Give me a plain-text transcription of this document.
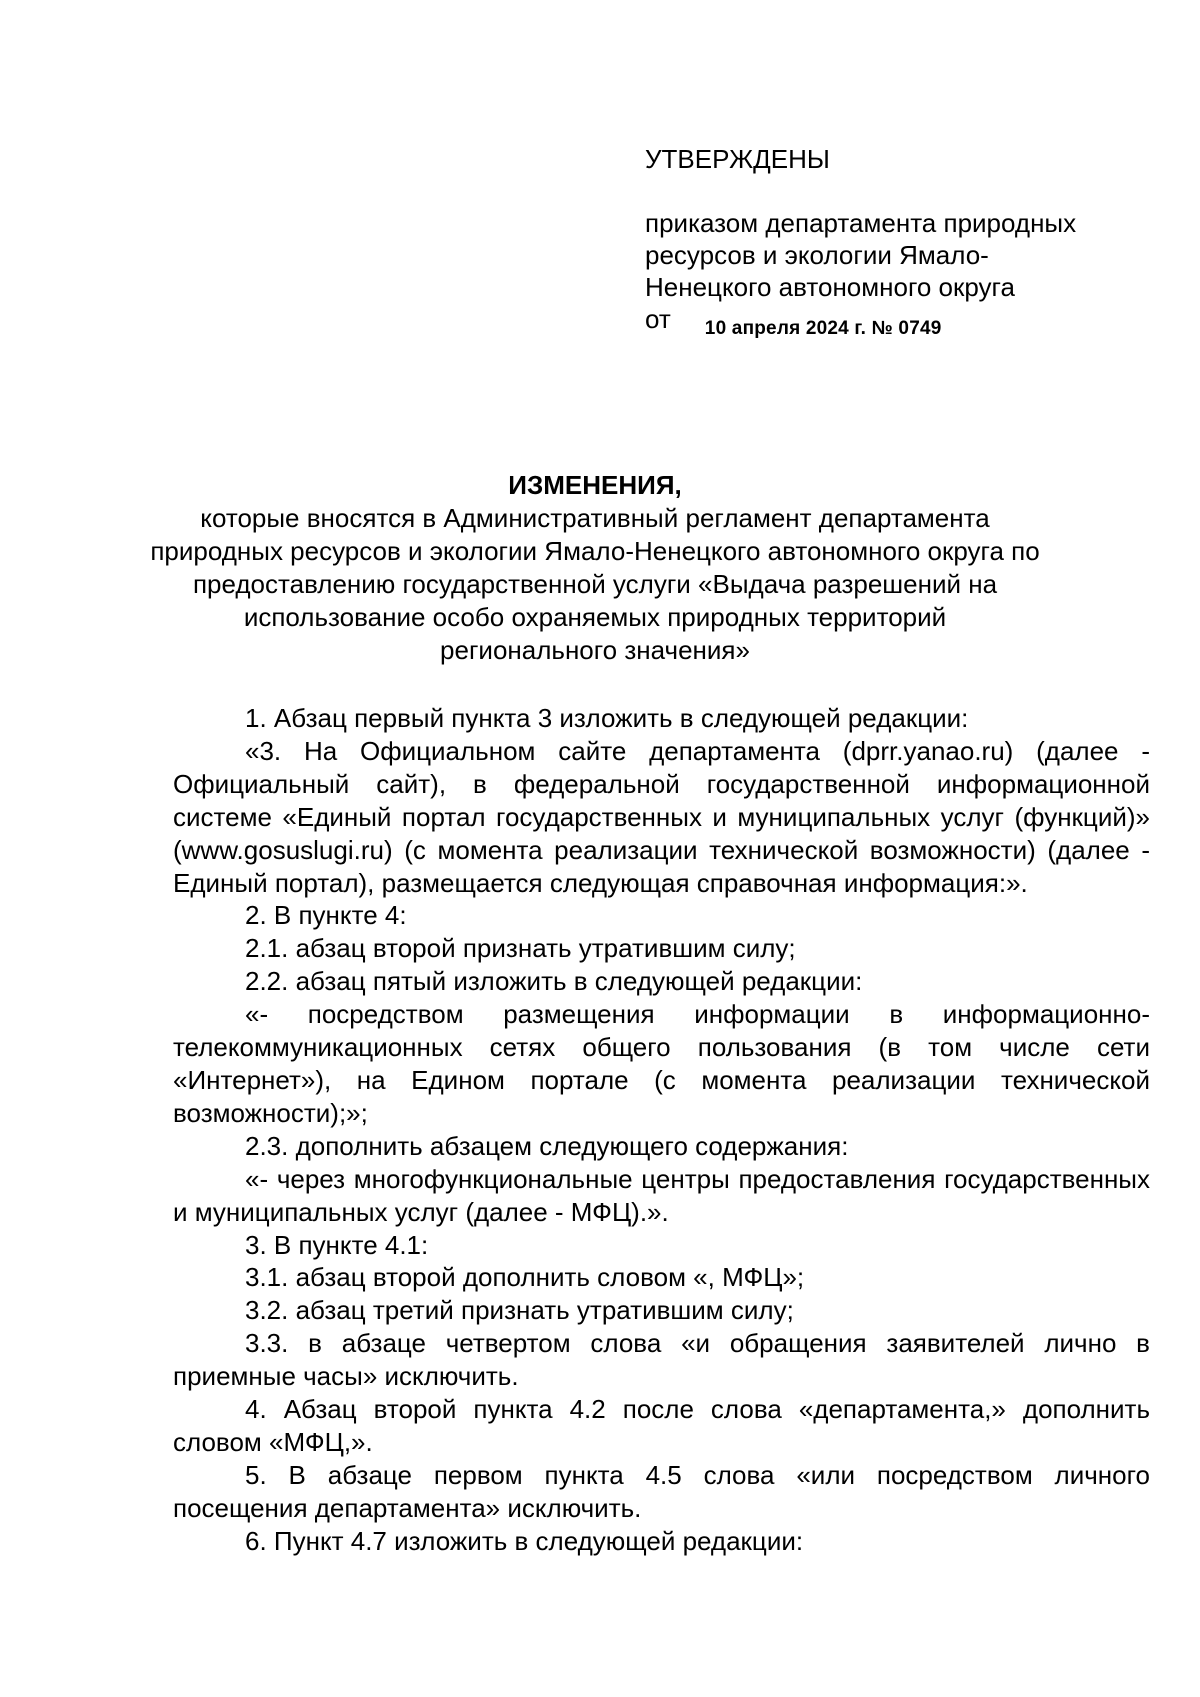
УТВЕРЖДЕНЫ

приказом департамента природных

ресурсов и экологии Ямало-

Ненецкого автономного округа

от 10 апреля 2024 г. № 0749

ИЗМЕНЕНИЯ,

которые вносятся в Административный регламент департамента

природных ресурсов и экологии Ямало-Ненецкого автономного округа по

предоставлению государственной услуги «Выдача разрешений на

использование особо охраняемых природных территорий

регионального значения»

1. Абзац первый пункта 3 изложить в следующей редакции:

«3. На Официальном сайте департамента (dprr.yanao.ru) (далее - Официальный сайт), в федеральной государственной информационной системе «Единый портал государственных и муниципальных услуг (функций)» (www.gosuslugi.ru) (с момента реализации технической возможности) (далее - Единый портал), размещается следующая справочная информация:».

2. В пункте 4:

2.1. абзац второй признать утратившим силу;

2.2. абзац пятый изложить в следующей редакции:

«- посредством размещения информации в информационно-телекоммуникационных сетях общего пользования (в том числе сети «Интернет»), на Едином портале (с момента реализации технической возможности);»;

2.3. дополнить абзацем следующего содержания:

«- через многофункциональные центры предоставления государственных и муниципальных услуг (далее - МФЦ).».

3. В пункте 4.1:

3.1. абзац второй дополнить словом «, МФЦ»;

3.2. абзац третий признать утратившим силу;

3.3. в абзаце четвертом слова «и обращения заявителей лично в приемные часы» исключить.

4. Абзац второй пункта 4.2 после слова «департамента,» дополнить словом «МФЦ,».

5. В абзаце первом пункта 4.5 слова «или посредством личного посещения департамента» исключить.

6. Пункт 4.7 изложить в следующей редакции:
